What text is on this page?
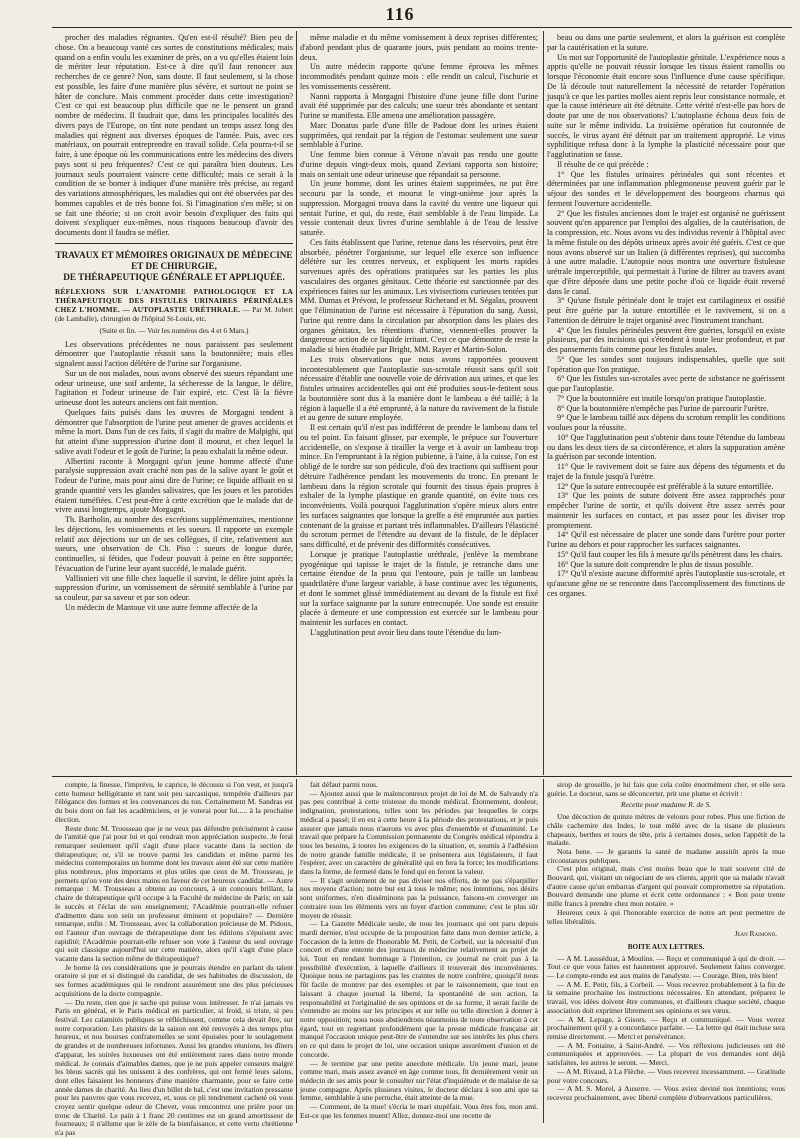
116

procher des maladies régnantes. Qu'en est-il résulté? Bien peu de chose. On a beaucoup vanté ces sortes de constitutions médicales; mais quand on a enfin voulu les examiner de près, on a vu qu'elles étaient loin de mériter leur réputation. Est-ce à dire qu'il faut renoncer aux recherches de ce genre? Non, sans doute. Il faut seulement, si la chose est possible, les faire d'une manière plus sévère, et surtout ne point se hâter de conclure. Mais comment procéder dans cette investigation? C'est ce qui est beaucoup plus difficile que ne le pensent un grand nombre de médecins. Il faudrait que, dans les principales localités des divers pays de l'Europe, on tînt note pendant un temps assez long des maladies qui règnent aux diverses époques de l'année. Puis, avec ces matériaux, on pourrait entreprendre en travail solide. Cela pourra-t-il se faire, à une époque où les communications entre les médecins des divers pays sont si peu fréquentes? C'est ce qui paraîtra bien douteux. Les journaux seuls pourraient vaincre cette difficulté; mais ce serait à la condition de se borner à indiquer d'une manière très précise, au regard des variations atmosphériques, les maladies qui ont été observées par des hommes capables et de très bonne foi. Si l'imagination s'en mêle; si on se fait une théorie; si on croit avoir besoin d'expliquer des faits qui doivent s'expliquer eux-mêmes, nous risquons beaucoup d'avoir des documents dont il faudra se méfier.

TRAVAUX ET MÉMOIRES ORIGINAUX DE MÉDECINE ET DE CHIRURGIE,

DE THÉRAPEUTIQUE GÉNÉRALE ET APPLIQUÉE.

RÉFLEXIONS SUR L'ANATOMIE PATHOLOGIQUE ET LA THÉRAPEUTIQUE DES FISTULES URINAIRES PÉRINÉALES CHEZ L'HOMME. — AUTOPLASTIE URÉTHRALE. — Par M. Jobert (de Lamballe), chirurgien de l'hôpital St-Louis, etc.

(Suite et fin. — Voir les numéros des 4 et 6 Mars.)

Les observations précédentes ne nous paraissent pas seulement démontrer que l'autoplastie réussit sans la boutonnière; mais elles signalent aussi l'action délétère de l'urine sur l'organisme.

Sur un de nos malades, nous avons observé des sueurs répandant une odeur urineuse, une soif ardente, la sécheresse de la langue, le délire, l'agitation et l'odeur urineuse de l'air expiré, etc. C'est là la fièvre urineuse dont les auteurs anciens ont fait mention.

Quelques faits puisés dans les œuvres de Morgagni tendent à démontrer que l'absorption de l'urine peut amener de graves accidents et même la mort. Dans l'un de ces faits, il s'agit du maître de Malpighi, qui fut atteint d'une suppression d'urine dont il mourut, et chez lequel la salive avait l'odeur et le goût de l'urine; la peau exhalait la même odeur.

Albertini raconte à Morgagni qu'un jeune homme affecté d'une paralysie suppression avait craché non pas de la salive ayant le goût et l'odeur de l'urine, mais pour ainsi dire de l'urine; ce liquide affluait en si grande quantité vers les glandes salivaires, que les joues et les parotides étaient tuméfiées. C'est peut-être à cette excrétion que le malade dut de vivre aussi longtemps, ajoute Morgagni.

Th. Bartholin, au nombre des excrétions supplémentaires, mentionne les déjections, les vomissements et les sueurs. Il rapporte un exemple relatif aux déjections sur un de ses collègues, il cite, relativement aux sueurs, une observation de Ch. Piso : sueurs de longue durée, continuelles, si fétides, que l'odeur pouvait à peine en être supportée; l'évacuation de l'urine leur ayant succédé, le malade guérit.

Vallisnieri vit une fille chez laquelle il survint, le délire joint après la suppression d'urine, un vomissement de sérosité semblable à l'urine par sa couleur, par sa saveur et par son odeur.

Un médecin de Mantoue vit une autre femme affectée de la

même maladie et du même vomissement à deux reprises différentes; d'abord pendant plus de quarante jours, puis pendant au moins trente-deux.

Un autre médecin rapporte qu'une femme éprouva les mêmes incommodités pendant quinze mois : elle rendit un calcul, l'ischurie et les vomissements cessèrent.

Nanni rapporta à Morgagni l'histoire d'une jeune fille dont l'urine avait été supprimée par des calculs; une sueur très abondante et sentant l'urine se manifesta. Elle amena une amélioration passagère.

Marc Donatus parle d'une fille de Padoue dont les urines étaient supprimées, qui rendait par la région de l'estomac seulement une sueur semblable à l'urine.

Une femme bien connue à Vérone n'avait pas rendu une goutte d'urine depuis vingt-deux mois, quand Zeviani rapporta son histoire; mais on sentait une odeur urineuse que répandait sa personne.

Un jeune homme, dont les urines étaient supprimées, ne put être secouru par la sonde, et mourut le vingt-unième jour après la suppression. Morgagni trouva dans la cavité du ventre une liqueur qui sentait l'urine, et qui, du reste, était semblable à de l'eau limpide. La vessie contenait deux livres d'urine semblable à de l'eau de lessive saturée.

Ces faits établissent que l'urine, retenue dans les réservoirs, peut être absorbée, pénétrer l'organisme, sur lequel elle exerce son influence délétère sur les centres nerveux, et expliquent les morts rapides survenues après des opérations pratiquées sur les parties les plus vasculaires des organes génitaux. Cette théorie est sanctionnée par des expériences faites sur les animaux. Les vivisections curieuses tentées par MM. Dumas et Prévost, le professeur Richerand et M. Ségalas, prouvent que l'élimination de l'urine est nécessaire à l'épuration du sang. Aussi, l'urine qui rentre dans la circulation par absorption dans les plaies des organes génitaux, les rétentions d'urine, viennent-elles prouver la dangereuse action de ce liquide irritant. C'est ce que démontre de reste la maladie si bien étudiée par Bright, MM. Rayer et Martin-Solon.

Les trois observations que nous avons rapportées prouvent incontestablement que l'autoplastie sus-scrotale réussit sans qu'il soit nécessaire d'établir une nouvelle voie de dérivation aux urines, et que les fistules urinaires accidentelles qui ont été produites sous-le-fetitent sous la boutonnière sont dus à la manière dont le lambeau a été taillé; à la région à laquelle il a été emprunté, à la nature du ravivement de la fistule et au genre de suture employée.

Il est certain qu'il n'est pas indifférent de prendre le lambeau dans tel ou tel point. En faisant glisser, par exemple, le prépuce sur l'ouverture accidentelle, on s'expose à tirailler la verge et à avoir un lambeau trop mince. En l'empruntant à la région pubienne, à l'aine, à la cuisse, l'on est obligé de le tordre sur son pédicule, d'où des tractions qui suffisent pour détruire l'adhérence pendant les mouvements du tronc. En prenant le lambeau dans la région scrotale qui fournit des tissus épais propres à exhaler de la lymphe plastique en grande quantité, on évite tous ces inconvénients. Voilà pourquoi l'agglutination s'opère mieux alors entre les surfaces saignantes que lorsque la greffe a été empruntée aux parties contenant de la graisse et partant très inflammables. D'ailleurs l'élasticité du scrotum permet de l'étendre au devant de la fistule, de le déplacer sans difficulté, et de prévenir des difformités consécutives.

Lorsque je pratique l'autoplastie uréthrale, j'enlève la membrane pyogénique qui tapisse le trajet de la fistule, je retranche dans une certaine étendue de la peau qui l'entoure, puis je taille un lambeau quadrilatère d'une largeur variable, à base continue avec les téguments, et dont le sommet glissé immédiatement au devant de la fistule est fixé sur la surface saignante par la suture entrecoupée. Une sonde est ensuite placée à demeure et une compression est exercée sur le lambeau pour maintenir les surfaces en contact.

L'agglutination peut avoir lieu dans toute l'étendue du lam-

beau ou dans une partie seulement, et alors la guérison est complète par la cautérisation et la suture.

Un mot sur l'opportunité de l'autoplastie génitale. L'expérience nous a appris qu'elle ne pouvait réussir lorsque les tissus étaient ramollis ou lorsque l'économie était encore sous l'influence d'une cause spécifique. De là découle tout naturellement la nécessité de retarder l'opération jusqu'à ce que les parties molles aient repris leur consistance normale, et que la cause intérieure ait été détruite. Cette vérité n'est-elle pas hors de doute par une de nos observations? L'autoplastie échoua deux fois de suite sur le même individu. La troisième opération fut couronnée de succès, le virus ayant été détruit par un traitement approprié. Le virus syphilitique refusa donc à la lymphe la plasticité nécessaire pour que l'agglutination se fasse.

Il résulte de ce qui précède :

1° Que les fistules urinaires périnéales qui sont récentes et déterminées par une inflammation phlegmoneuse peuvent guérir par le séjour des sondes et le développement des bourgeons charnus qui ferment l'ouverture accidentelle.

2° Que les fistules anciennes dont le trajet est organisé ne guérissent souvent qu'en apparence par l'emploi des algalies, de la cautérisation, de la compression, etc. Nous avons vu des individus revenir à l'hôpital avec la même fistule ou des dépôts urineux après avoir été guéris. C'est ce que nous avons observé sur un Italien (à différentes reprises), qui succomba à une autre maladie. L'autopsie nous montra une ouverture fistuleuse urétrale imperceptible, qui permettait à l'urine de filtrer au travers avant que d'être déposée dans une petite poche d'où ce liquide était reversé dans le canal.

3° Qu'une fistule périnéale dont le trajet est cartilagineux et ossifié peut être guérie par la suture entortillée et le ravivement, si on a l'attention de détruire le trajet organisé avec l'instrument tranchant.

4° Que les fistules périnéales peuvent être guéries, lorsqu'il en existe plusieurs, par des incisions qui s'étendent à toute leur profondeur, et par des pansements faits comme pour les fistules anales.

5° Que les sondes sont toujours indispensables, quelle que soit l'opération que l'on pratique.

6° Que les fistules sus-scrotales avec perte de substance ne guérissent que par l'autoplastie.

7° Que la boutonnière est inutile lorsqu'on pratique l'autoplastie.

8° Que la boutonnière n'empêche pas l'urine de parcourir l'urètre.

9° Que le lambeau taillé aux dépens du scrotum remplit les conditions voulues pour la réussite.

10° Que l'agglutination peut s'obtenir dans toute l'étendue du lambeau ou dans les deux tiers de sa circonférence, et alors la suppuration amène la guérison par seconde intention.

11° Que le ravivement doit se faire aux dépens des téguments et du trajet de la fistule jusqu'à l'urètre.

12° Que la suture entrecoupée est préférable à la suture entortillée.

13° Que les points de suture doivent être assez rapprochés pour empêcher l'urine de sortir, et qu'ils doivent être assez serrés pour maintenir les surfaces en contact, et pas assez pour les diviser trop promptement.

14° Qu'il est nécessaire de placer une sonde dans l'urètre pour porter l'urine au dehors et pour rapprocher les surfaces saignantes.

15° Qu'il faut couper les fils à mesure qu'ils pénètrent dans les chairs.

16° Que la suture doit comprendre le plus de tissus possible.

17° Qu'il n'existe aucune difformité après l'autoplastie sus-scrotale, et qu'aucune gêne ne se rencontre dans l'accomplissement des fonctions de ces organes.

compte, la finesse, l'imprévu, le caprice, le décousu si l'on veut, et jusqu'à cette humeur belligérante et tant soit peu sarcastique, tempérée d'ailleurs par l'élégance des formes et les convenances du ton. Certainement M. Sandras est du bois dont on fait les académiciens, et je voterai pour lui..... à la prochaine élection.

Reste donc M. Trousseau que je ne veux pas défendre précisément à cause de l'amitié que j'ai pour lui et qui rendrait mon appréciation suspecte. Je ferai remarquer seulement qu'il s'agit d'une place vacante dans la section de thérapeutique; or, s'il se trouve parmi les candidats et même parmi les médecins contemporains un homme dont les travaux aient été sur cette matière plus nombreux, plus importants et plus utiles que ceux de M. Trousseau, je permets qu'on vote des deux mains en faveur de cet heureux candidat. — Autre remarque : M. Trousseau a obtenu au concours, à un concours brillant, la chaire de thérapeutique qu'il occupe à la Faculté de médecine de Paris; on sait le succès et l'éclat de son enseignement; l'Académie pourrait-elle refuser d'admettre dans son sein un professeur éminent et populaire? — Dernière remarque, enfin : M. Trousseau, avec la collaboration précieuse de M. Pidoux, est l'auteur d'un ouvrage de thérapeutique dont les éditions s'épuisent avec rapidité; l'Académie pourrait-elle refuser son vote à l'auteur du seul ouvrage qui soit classique aujourd'hui sur cette matière, alors qu'il s'agit d'une place vacante dans la section même de thérapeutique?

Je borne là ces considérations que je pourrais étendre en parlant du talent oratoire si pur et si distingué du candidat, de ses habitudes de discussion, de ses formes académiques qui le rendront assurément une des plus précieuses acquisitions de la docte compagnie.

— Du reste, rien que je sache qui puisse vous intéresser. Je n'ai jamais vu Paris en général, et le Paris médical en particulier, si froid, si triste, si peu festival. Les calamités publiques se réfléchissent, comme cela devait être, sur notre corporation. Les plaisirs de la saison ont été renvoyés à des temps plus heureux, et nos bourses confraternelles se sont épuisées pour le soulagement de grandes et de nombreuses infortunes. Aussi les grandes réunions, les dîners d'apparat, les soirées luxueuses ont été entièrement rares dans notre monde médical. Je connais d'aimables dames, que je ne puis appeler censeurs malgré les bleus sacrés qui les unissent à des confrères, qui ont fermé leurs salons, dont elles faisaient les honneurs d'une manière charmante, pour se faire cette année dames de charité. Au lieu d'un billet de bal, c'est une invitation pressante pour les pauvres que vous recevez, et, sous ce pli tendrement cacheté où vous croyez sentir quelque odeur de Chevet, vous rencontrez une prière pour un tronc de Charité. Le pain à 1 franc 20 centimes est un grand amortisseur de fourneaux; il n'allume que le zèle de la bienfaisance, et cette vertu chrétienne n'a pas

fait défaut parmi nous.

— Ajoutez aussi que le malencontreux projet de loi de M. de Salvandy n'a pas peu contribué à cette tristesse du monde médical. Étonnement, douleur, indignation, protestations, telles sont les périodes par lesquelles le corps médical a passé; il en est à cette heure à la période des protestations, et je puis assurer que jamais nous n'aurons vu avec plus d'ensemble et d'unanimité. Le travail que prépare la Commission permanente du Congrès médical répondra à tous les besoins, à toutes les exigences de la situation, et, soumis à l'adhésion de notre grande famille médicale, il se présentera aux législateurs, il faut l'espérer, avec un caractère de généralité qui en fera la force; les modifications dans la forme, de fermeté dans le fond qui en feront la valeur.

— Il s'agit seulement de ne pas diviser nos efforts, de ne pas s'éparpiller nos moyens d'action; notre but est à tous le même; nos intentions, nos désirs sont uniformes, n'en disséminons pas la puissance, faisons-en converger un contraire tous les éléments vers un foyer d'action commune; c'est le plus sûr moyen de réussir.

— La Gazette Médicale seule, de tous les journaux qui ont paru depuis mardi dernier, n'est occupée de la proposition faite dans mon dernier article, à l'occasion de la lettre de l'honorable M. Petit, de Corbeil, sur la nécessité d'un concert et d'une entente des journaux de médecine relativement au projet de loi. Tout en rendant hommage à l'intention, ce journal ne croit pas à la possibilité d'exécution, à laquelle d'ailleurs il trouverait des inconvénients. Quoique nous ne partagions pas les craintes de notre confrère, quoiqu'il nous fût facile de montrer par des exemples et par le raisonnement, que tout en laissant à chaque journal la liberté, la spontanéité de son action, la responsabilité et l'originalité de ses opinions et de sa forme, il serait facile de s'entendre au moins sur les principes et sur telle ou telle direction à donner à notre opposition; nous nous abstiendrons néanmoins de toute observation à cet égard, tout en regrettant profondément que la presse médicale française ait manqué l'occasion unique peut-être de s'entendre sur ses intérêts les plus chers en ce qui dans le projet de loi, une occasion unique assurément d'union et de concorde.

— Je termine par une petite anecdote médicale. Un jeune mari, jeune comme mari, mais assez avancé en âge comme tous, fit dernièrement venir un médecin de ses amis pour le consulter sur l'état d'inquiétude et de malaise de sa jeune compagne. Après plusieurs visites, le docteur déclara à son ami que sa femme, semblable à une perruche, était atteinte de la mue.

— Comment, de la mue! s'écria le mari stupéfait. Vous êtes fou, mon ami. Est-ce que les femmes muent! Allez, donnez-moi une recette de

sirop de groseille, je lui fais que cela coûte énormément cher, et elle sera guérie. Le docteur, sans se déconcerter, prit une plume et écrivit :

Recette pour madame R. de S.

Une décoction de quinze mètres de velours pour robes. Plus une fiction de châle cachemire des Indes, le tout mêlé avec de la tisane de plusieurs chapeaux, berthes et tours de tête, pris à certaines doses, selon l'appétit de la malade.

Nota bene. — Je garantis la santé de madame aussitôt après la mue circonstances publiques.

C'est plus original, mais c'est moins beau que le trait souvent cité de Bouvard, qui, visitant un négociant de ses clients, apprit que sa malade n'avait d'autre cause qu'un embarras d'argent qui pouvait compromettre sa réputation. Bouvard demande une plume et écrit cette ordonnance : « Bon pour trente mille francs à prendre chez mon notaire. »

Heureux ceux à qui l'honorable exercice de notre art peut permettre de telles libéralités.

Jean Raimond.

BOITE AUX LETTRES.

— A M. Lausséduat, à Moulins. — Reçu et communiqué à qui de droit. — Tout ce que vous faites est hautement approuvé. Seulement faites converger. — Le compte-rendu est aux mains de l'analyste. — Courage. Bien, très bien!

— A M. E. Petit, fils, à Corbeil. — Vous recevrez probablement à la fin de la semaine prochaine les instructions nécessaires. En attendant, préparez le travail, vos idées doivent être communes, et d'ailleurs chaque société, chaque association doit exprimer librement ses opinions et ses vœux.

— A M. Lepage, à Gisors. — Reçu et communiqué. — Vous verrez prochainement qu'il y a concordance parfaite. — La lettre qui était incluse sera remise directement. — Merci et persévérance.

— A M. Fontaine, à Saint-André. — Vos réflexions judicieuses ont été communiquées et approuvées. — La plupart de vos demandes sont déjà satisfaites, les autres le seront. — Merci.

— A M. Rivaud, à La Flèche. — Vous recevrez incessamment. — Gratitude pour votre concours.

— A M. S. Morel, à Auxerre. — Vous aviez deviné nos intentions; vous recevrez prochainement, avec liberté complète d'observations particulières.
